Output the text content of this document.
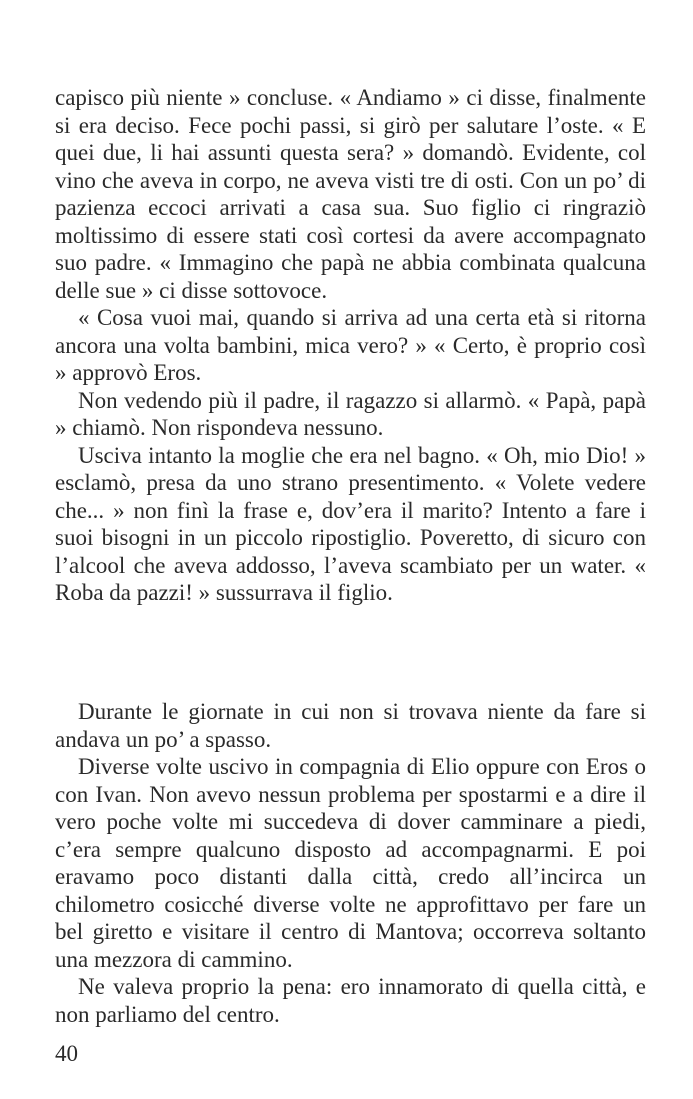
capisco più niente » concluse. « Andiamo » ci disse, finalmente si era deciso. Fece pochi passi, si girò per salutare l’oste. « E quei due, li hai assunti questa sera? » domandò. Evidente, col vino che aveva in corpo, ne aveva visti tre di osti. Con un po’ di pazienza eccoci arrivati a casa sua. Suo figlio ci ringraziò moltissimo di essere stati così cortesi da avere accompagnato suo padre. « Immagino che papà ne abbia combinata qualcuna delle sue » ci disse sottovoce.

« Cosa vuoi mai, quando si arriva ad una certa età si ritorna ancora una volta bambini, mica vero? » « Certo, è proprio così » approvò Eros.

Non vedendo più il padre, il ragazzo si allarmò. « Papà, papà » chiamò. Non rispondeva nessuno.

Usciva intanto la moglie che era nel bagno. « Oh, mio Dio! » esclamò, presa da uno strano presentimento. « Volete vedere che... » non finì la frase e, dov’era il marito? Intento a fare i suoi bisogni in un piccolo ripostiglio. Poveretto, di sicuro con l’alcool che aveva addosso, l’aveva scambiato per un water. « Roba da pazzi! » sussurrava il figlio.

Durante le giornate in cui non si trovava niente da fare si andava un po’ a spasso.

Diverse volte uscivo in compagnia di Elio oppure con Eros o con Ivan. Non avevo nessun problema per spostarmi e a dire il vero poche volte mi succedeva di dover camminare a piedi, c’era sempre qualcuno disposto ad accompagnarmi. E poi eravamo poco distanti dalla città, credo all’incirca un chilometro cosicché diverse volte ne approfittavo per fare un bel giretto e visitare il centro di Mantova; occorreva soltanto una mezzora di cammino.

Ne valeva proprio la pena: ero innamorato di quella città, e non parliamo del centro.

40
